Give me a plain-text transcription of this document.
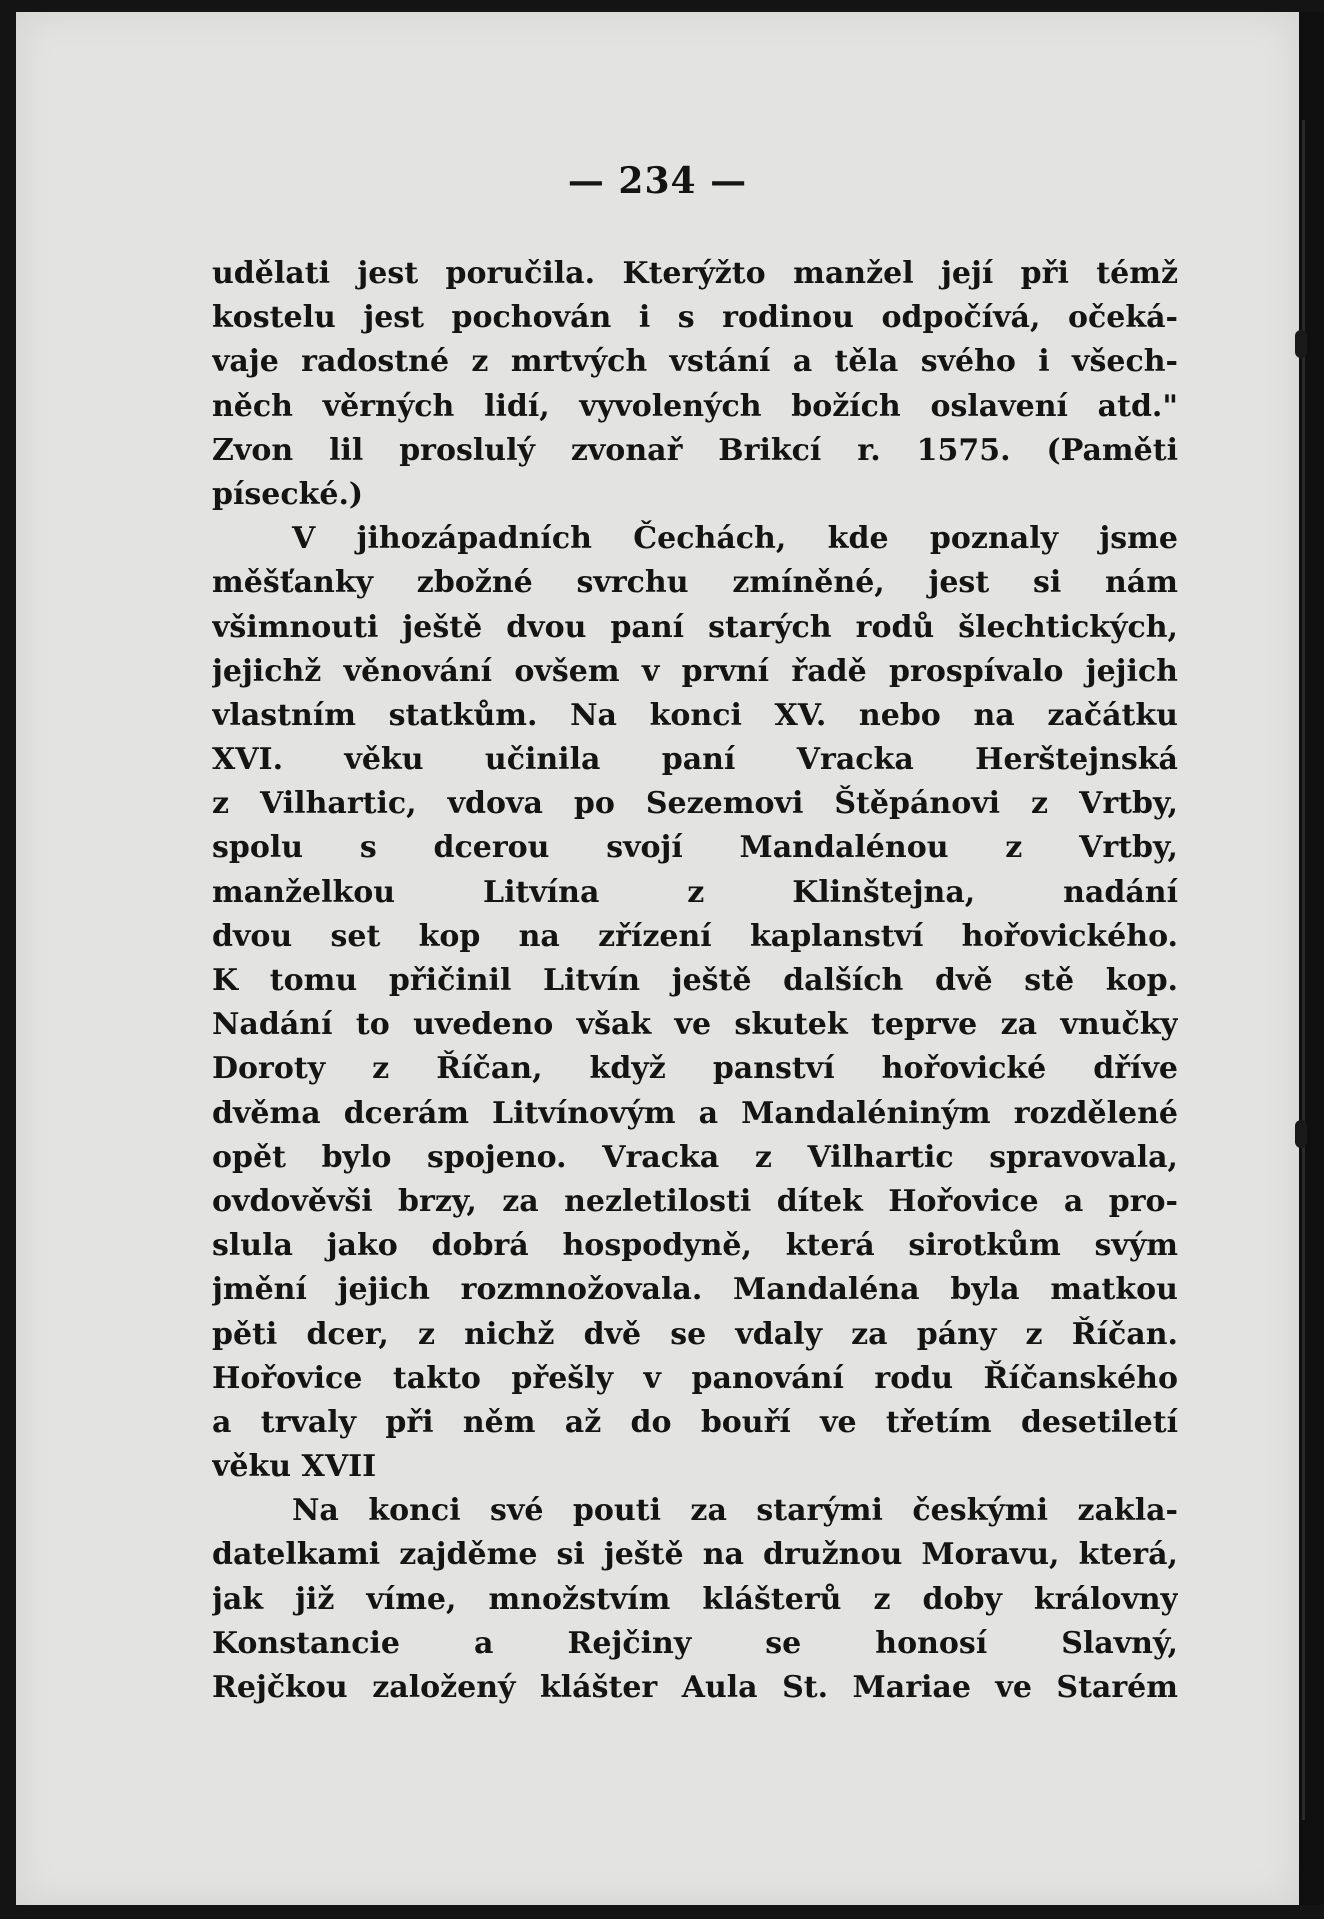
— 234 —
udělati jest poručila. Kterýžto manžel její při témž
kostelu jest pochován i s rodinou odpočívá, očeká-
vaje radostné z mrtvých vstání a těla svého i všech-
něch věrných lidí, vyvolených božích oslavení atd."
Zvon lil proslulý zvonař Brikcí r. 1575. (Paměti
písecké.)
V jihozápadních Čechách, kde poznaly jsme
měšťanky zbožné svrchu zmíněné, jest si nám
všimnouti ještě dvou paní starých rodů šlechtických,
jejichž věnování ovšem v první řadě prospívalo jejich
vlastním statkům. Na konci XV. nebo na začátku
XVI. věku učinila paní Vracka Herštejnská
z Vilhartic, vdova po Sezemovi Štěpánovi z Vrtby,
spolu s dcerou svojí Mandalénou z Vrtby,
manželkou Litvína z Klinštejna, nadání
dvou set kop na zřízení kaplanství hořovického.
K tomu přičinil Litvín ještě dalších dvě stě kop.
Nadání to uvedeno však ve skutek teprve za vnučky
Doroty z Říčan, když panství hořovické dříve
dvěma dcerám Litvínovým a Mandaléniným rozdělené
opět bylo spojeno. Vracka z Vilhartic spravovala,
ovdověvši brzy, za nezletilosti dítek Hořovice a pro-
slula jako dobrá hospodyně, která sirotkům svým
jmění jejich rozmnožovala. Mandaléna byla matkou
pěti dcer, z nichž dvě se vdaly za pány z Říčan.
Hořovice takto přešly v panování rodu Říčanského
a trvaly při něm až do bouří ve třetím desetiletí
věku XVII
Na konci své pouti za starými českými zakla-
datelkami zajděme si ještě na družnou Moravu, která,
jak již víme, množstvím klášterů z doby královny
Konstancie a Rejčiny se honosí Slavný,
Rejčkou založený klášter Aula St. Mariae ve Starém
